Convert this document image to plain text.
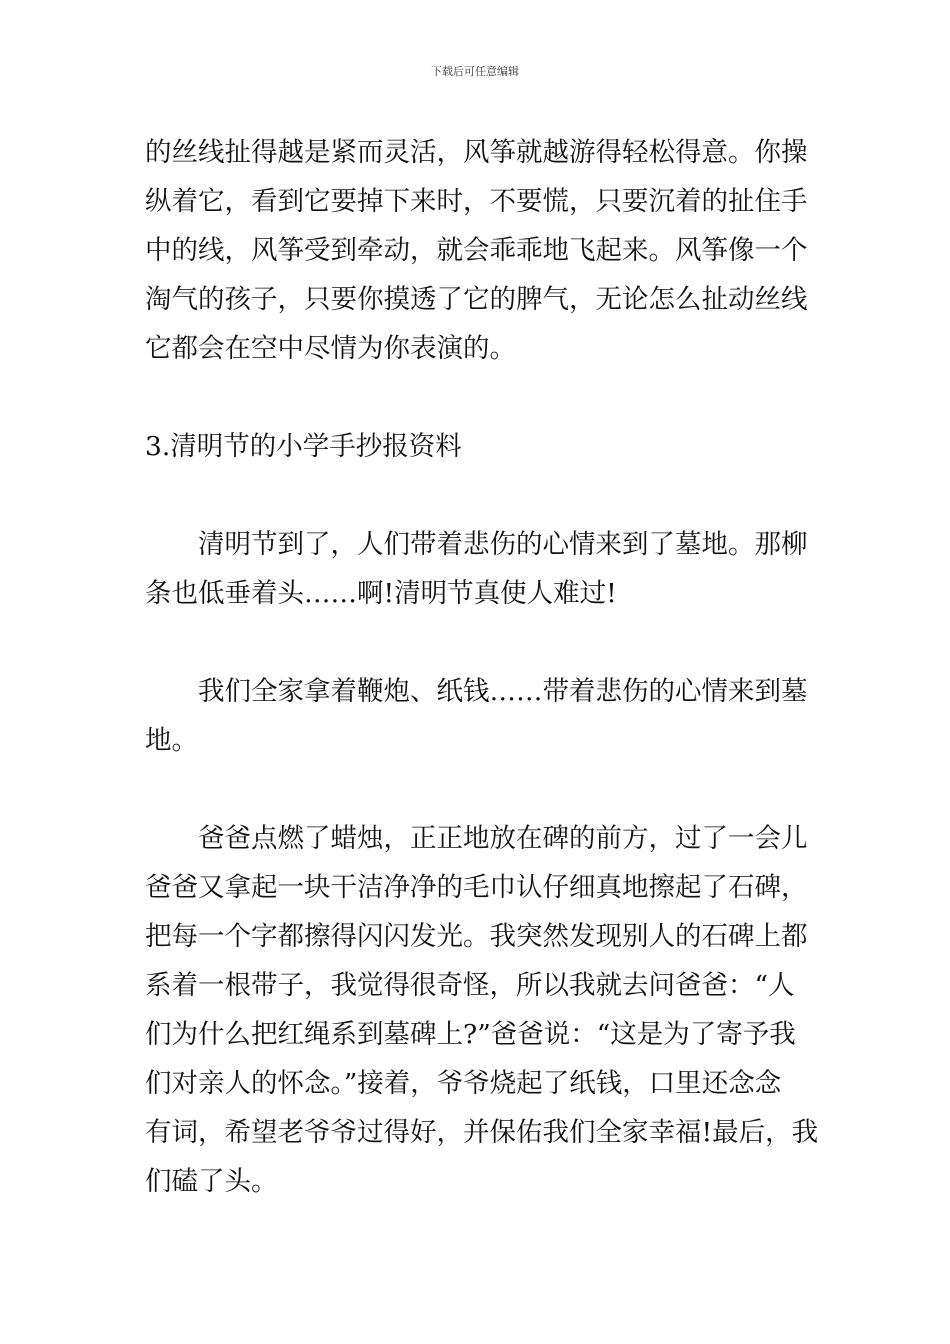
下载后可任意编辑
的丝线扯得越是紧而灵活，风筝就越游得轻松得意。你操
纵着它，看到它要掉下来时，不要慌，只要沉着的扯住手
中的线，风筝受到牵动，就会乖乖地飞起来。风筝像一个
淘气的孩子，只要你摸透了它的脾气，无论怎么扯动丝线
它都会在空中尽情为你表演的。
3.清明节的小学手抄报资料
清明节到了，人们带着悲伤的心情来到了墓地。那柳
条也低垂着头……啊!清明节真使人难过!
我们全家拿着鞭炮、纸钱……带着悲伤的心情来到墓
地。
爸爸点燃了蜡烛，正正地放在碑的前方，过了一会儿
爸爸又拿起一块干洁净净的毛巾认仔细真地擦起了石碑，
把每一个字都擦得闪闪发光。我突然发现别人的石碑上都
系着一根带子，我觉得很奇怪，所以我就去问爸爸：“人
们为什么把红绳系到墓碑上?”爸爸说：“这是为了寄予我
们对亲人的怀念。”接着，爷爷烧起了纸钱，口里还念念
有词，希望老爷爷过得好，并保佑我们全家幸福!最后，我
们磕了头。
